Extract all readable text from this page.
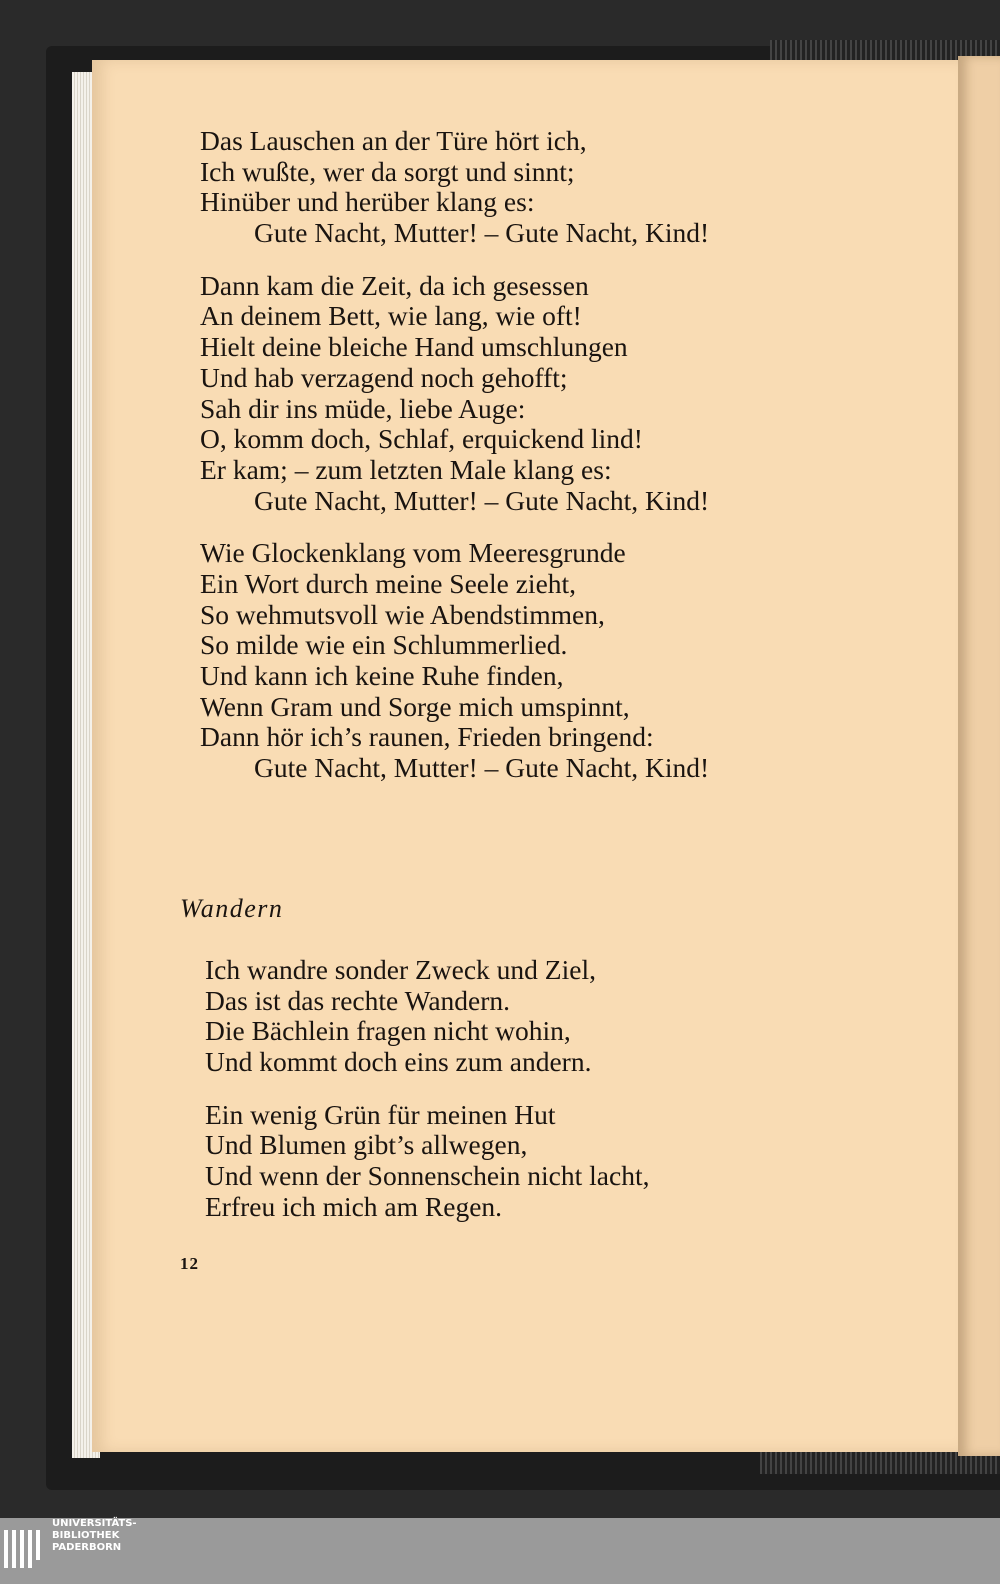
Das Lauschen an der Türe hört ich,
Ich wußte, wer da sorgt und sinnt;
Hinüber und herüber klang es:
Gute Nacht, Mutter! – Gute Nacht, Kind!
Dann kam die Zeit, da ich gesessen
An deinem Bett, wie lang, wie oft!
Hielt deine bleiche Hand umschlungen
Und hab verzagend noch gehofft;
Sah dir ins müde, liebe Auge:
O, komm doch, Schlaf, erquickend lind!
Er kam; – zum letzten Male klang es:
Gute Nacht, Mutter! – Gute Nacht, Kind!
Wie Glockenklang vom Meeresgrunde
Ein Wort durch meine Seele zieht,
So wehmutsvoll wie Abendstimmen,
So milde wie ein Schlummerlied.
Und kann ich keine Ruhe finden,
Wenn Gram und Sorge mich umspinnt,
Dann hör ich’s raunen, Frieden bringend:
Gute Nacht, Mutter! – Gute Nacht, Kind!
Wandern
Ich wandre sonder Zweck und Ziel,
Das ist das rechte Wandern.
Die Bächlein fragen nicht wohin,
Und kommt doch eins zum andern.
Ein wenig Grün für meinen Hut
Und Blumen gibt’s allwegen,
Und wenn der Sonnenschein nicht lacht,
Erfreu ich mich am Regen.
12
UNIVERSITÄTS-
BIBLIOTHEK
PADERBORN
